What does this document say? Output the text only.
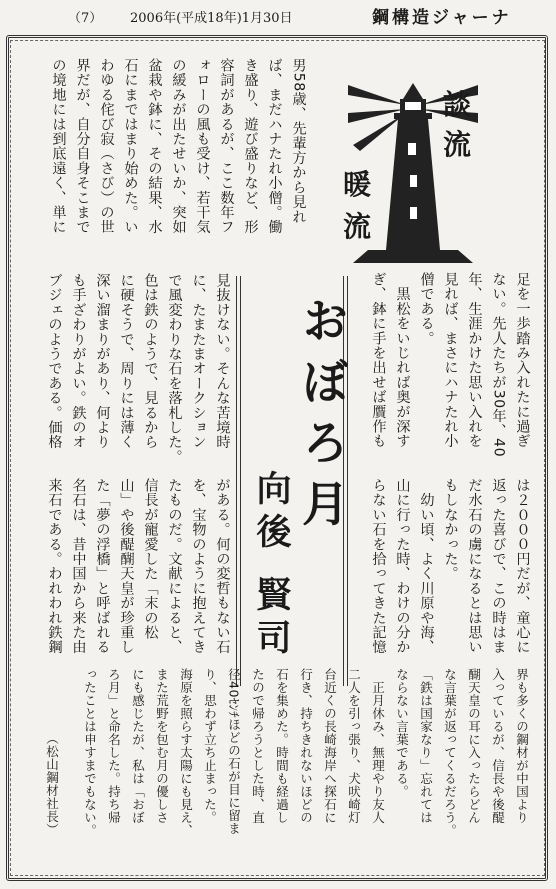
（7） 2006年(平成18年)1月30日	鋼構造ジャーナ
男58歳、先輩方から見れ
ば、まだハナたれ小僧。働
き盛り、遊び盛りなど、形
容詞があるが、ここ数年フ
ォローの風も受け、若干気
の緩みが出たせいか、突如
盆栽や鉢に、その結果、水
石にまではまり始めた。い
わゆる侘び寂（さび）の世
界だが、自分自身そこまで
の境地には到底遠く、単に	談
流
暖
流
足を一歩踏み入れたに過ぎ
ない。先人たちが30年、40
年、生涯かけた思い入れを
見れば、まさにハナたれ小
僧である。
　黒松をいじれば奥が深す
ぎ、鉢に手を出せば贋作も
おぼろ月
向後 賢司
見抜けない。そんな苦境時
に、たまたまオークション
で風変わりな石を落札した。
色は鉄のようで、見るから
に硬そうで、周りには薄く
深い溜まりがあり、何より
も手ざわりがよい。鉄のオ
ブジェのようである。価格
は２０００円だが、童心に
返った喜びで、この時はま
だ水石の虜になるとは思い
もしなかった。
　幼い頃、よく川原や海、
山に行った時、わけの分か
らない石を拾ってきた記憶
がある。何の変哲もない石
を、宝物のように抱えてき
たものだ。文献によると、
信長が寵愛した「末の松
山」や後醍醐天皇が珍重し
た「夢の浮橋」と呼ばれる
名石は、昔中国から来た由
来石である。われわれ鉄鋼
界も多くの鋼材が中国より
入っているが、信長や後醍
醐天皇の耳に入ったらどん
な言葉が返ってくるだろう。
「鉄は国家なり」忘れては
ならない言葉である。
　正月休み、無理やり友人
二人を引っ張り、犬吠崎灯
台近くの長崎海岸へ探石に
行き、持ちきれないほどの
石を集めた。時間も経過し
たので帰ろうとした時、直
径40ｾﾝﾁほどの石が目に留ま
り、思わず立ち止まった。
海原を照らす太陽にも見え、
また荒野を包む月の優しさ
にも感じたが、私は「おぼ
ろ月」と命名した。持ち帰
ったことは申すまでもない。
（松山鋼材社長）
